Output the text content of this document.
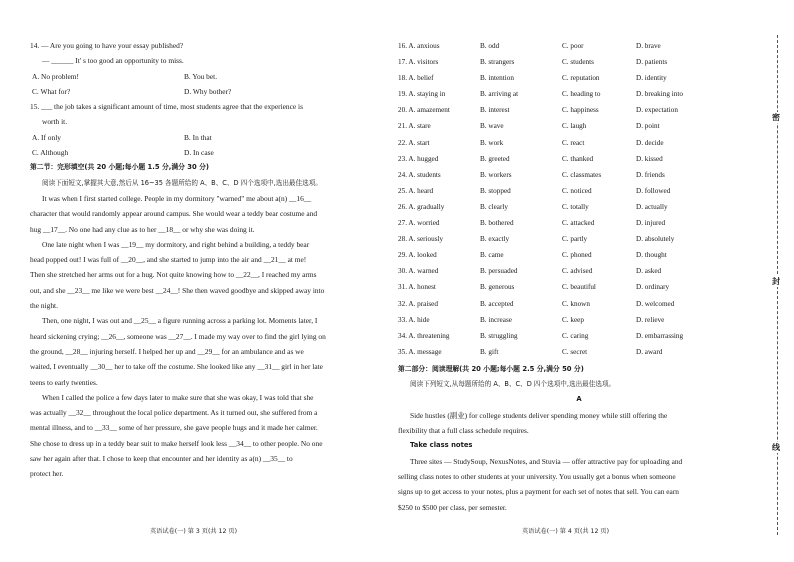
14. — Are you going to have your essay published?
— ______ It' s too good an opportunity to miss.
A. No problem!	B. You bet.
C. What for?	D. Why bother?
15. ___ the job takes a significant amount of time, most students agree that the experience is
worth it.
A. If only	B. In that
C. Although	D. In case
第二节：完形填空(共 20 小题;每小题 1.5 分,满分 30 分)
阅读下面短文,掌握其大意,然后从 16~35 各题所给的 A、B、C、D 四个选项中,选出最佳选项。
It was when I first started college. People in my dormitory "warned" me about a(n) __16__
character that would randomly appear around campus. She would wear a teddy bear costume and
hug __17__. No one had any clue as to her __18__ or why she was doing it.
One late night when I was __19__ my dormitory, and right behind a building, a teddy bear
head popped out! I was full of __20__, and she started to jump into the air and __21__ at me!
Then she stretched her arms out for a hug. Not quite knowing how to __22__, I reached my arms
out, and she __23__ me like we were best __24__! She then waved goodbye and skipped away into
the night.
Then, one night, I was out and __25__ a figure running across a parking lot. Moments later, I
heard sickening crying; __26__, someone was __27__. I made my way over to find the girl lying on
the ground, __28__ injuring herself. I helped her up and __29__ for an ambulance and as we
waited, I eventually __30__ her to take off the costume. She looked like any __31__ girl in her late
teens to early twenties.
When I called the police a few days later to make sure that she was okay, I was told that she
was actually __32__ throughout the local police department. As it turned out, she suffered from a
mental illness, and to __33__ some of her pressure, she gave people hugs and it made her calmer.
She chose to dress up in a teddy bear suit to make herself look less __34__ to other people. No one
saw her again after that. I chose to keep that encounter and her identity as a(n) __35__ to
protect her.
英语试卷(一) 第 3 页(共 12 页)
16. A. anxious	B. odd	C. poor	D. brave
17. A. visitors	B. strangers	C. students	D. patients
18. A. belief	B. intention	C. reputation	D. identity
19. A. staying in	B. arriving at	C. heading to	D. breaking into
20. A. amazement	B. interest	C. happiness	D. expectation
21. A. stare	B. wave	C. laugh	D. point
22. A. start	B. work	C. react	D. decide
23. A. hugged	B. greeted	C. thanked	D. kissed
24. A. students	B. workers	C. classmates	D. friends
25. A. heard	B. stopped	C. noticed	D. followed
26. A. gradually	B. clearly	C. totally	D. actually
27. A. worried	B. bothered	C. attacked	D. injured
28. A. seriously	B. exactly	C. partly	D. absolutely
29. A. looked	B. came	C. phoned	D. thought
30. A. warned	B. persuaded	C. advised	D. asked
31. A. honest	B. generous	C. beautiful	D. ordinary
32. A. praised	B. accepted	C. known	D. welcomed
33. A. hide	B. increase	C. keep	D. relieve
34. A. threatening	B. struggling	C. caring	D. embarrassing
35. A. message	B. gift	C. secret	D. award
第二部分：阅读理解(共 20 小题;每小题 2.5 分,满分 50 分)
阅读下列短文,从每题所给的 A、B、C、D 四个选项中,选出最佳选项。
A
Side hustles (副业) for college students deliver spending money while still offering the
flexibility that a full class schedule requires.
Take class notes
Three sites — StudySoup, NexusNotes, and Stuvia — offer attractive pay for uploading and
selling class notes to other students at your university. You usually get a bonus when someone
signs up to get access to your notes, plus a payment for each set of notes that sell. You can earn
$250 to $500 per class, per semester.
英语试卷(一) 第 4 页(共 12 页)
密
封
线
